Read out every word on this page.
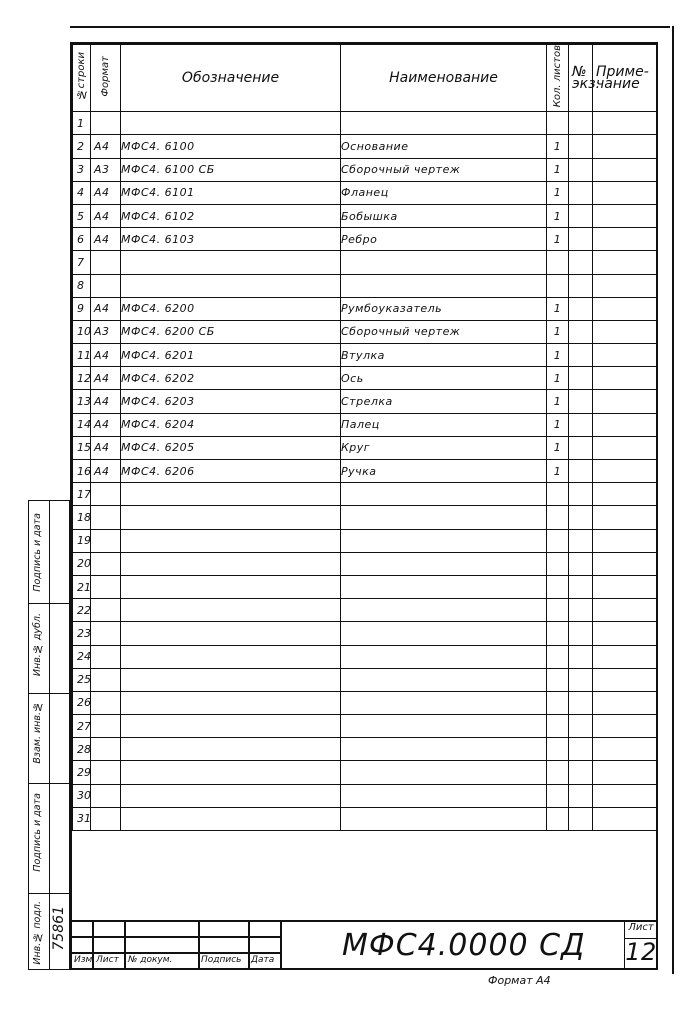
№строки	Формат	Обозначение	Наименование	Кол. листов	№ экз.	Приме-чание
1						
2	А4	МФС4. 6100	Основание	1		
3	А3	МФС4. 6100 СБ	Сборочный чертеж	1		
4	А4	МФС4. 6101	Фланец	1		
5	А4	МФС4. 6102	Бобышка	1		
6	А4	МФС4. 6103	Ребро	1		
7						
8						
9	А4	МФС4. 6200	Румбоуказатель	1		
10	А3	МФС4. 6200 СБ	Сборочный чертеж	1		
11	А4	МФС4. 6201	Втулка	1		
12	А4	МФС4. 6202	Ось	1		
13	А4	МФС4. 6203	Стрелка	1		
14	А4	МФС4. 6204	Палец	1		
15	А4	МФС4. 6205	Круг	1		
16	А4	МФС4. 6206	Ручка	1		
17						
18						
19						
20						
21						
22						
23						
24						
25						
26						
27						
28						
29						
30						
31						
Подпись и дата
Инв.№ дубл.
Взам. инв.№
Подпись и дата
Инв.№ подл. 75861
Изм Лист № докум.	Подпись Дата МФС4.0000 СД
Лист
12
Формат А4
